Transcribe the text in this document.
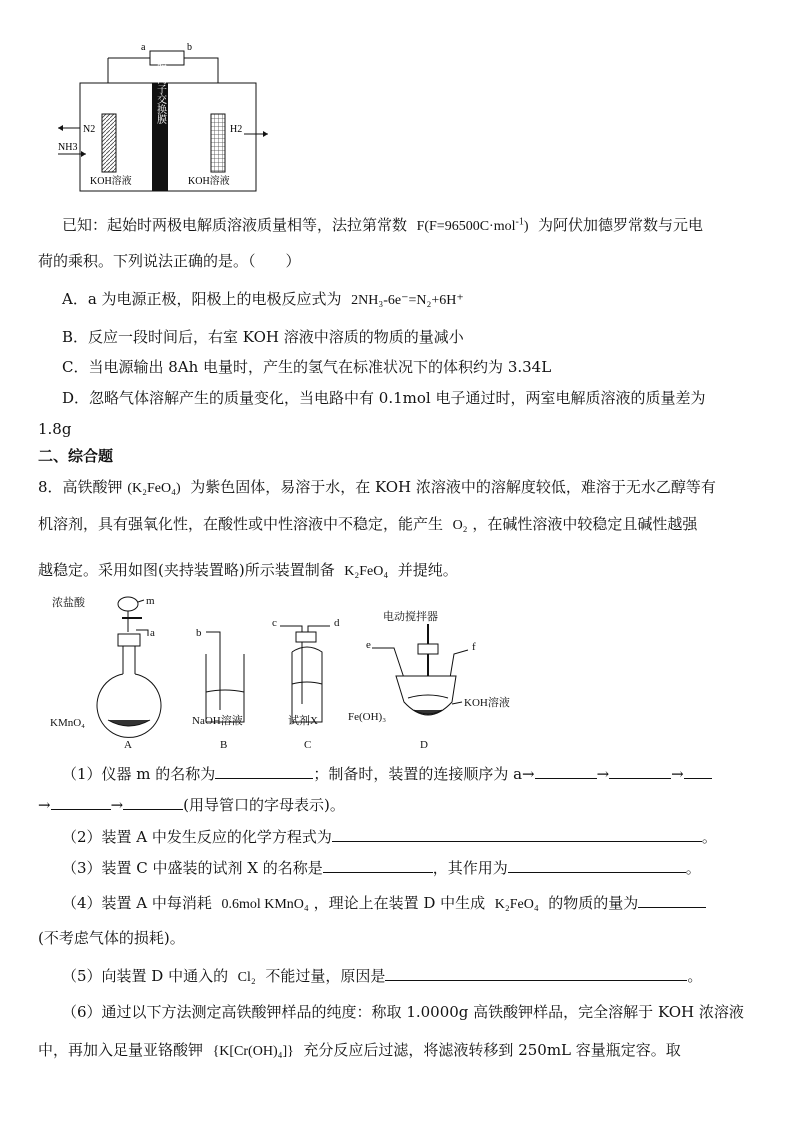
a	b
阴离子交换膜
N2
NH3
H2
KOH溶液	KOH溶液
已知：起始时两极电解质溶液质量相等，法拉第常数 F(F=96500C·mol$^{-1}$) 为阿伏加德罗常数与元电
荷的乘积。下列说法正确的是。（　　）
A．a 为电源正极，阳极上的电极反应式为 2NH₃-6e⁻=N₂+6H⁺
B．反应一段时间后，右室 KOH 溶液中溶质的物质的量减小
C．当电源输出 8Ah 电量时，产生的氢气在标准状况下的体积约为 3.34L
D．忽略气体溶解产生的质量变化，当电路中有 0.1mol 电子通过时，两室电解质溶液的质量差为
1.8g
二、综合题
8．高铁酸钾 (K₂FeO₄) 为紫色固体，易溶于水，在 KOH 浓溶液中的溶解度较低，难溶于无水乙醇等有
机溶剂，具有强氧化性，在酸性或中性溶液中不稳定，能产生 O₂ ，在碱性溶液中较稳定且碱性越强
越稳定。采用如图(夹持装置略)所示装置制备 K₂FeO₄ 并提纯。
浓盐酸	m
a
KMnO₄
A
b
NaOH溶液
B
c	d
试剂X
C
电动搅拌器
e	f
Fe(OH)₃
KOH溶液
D
（1）仪器 m 的名称为	；制备时，装置的连接顺序为 a→	→	→
→	→	(用导管口的字母表示)。
（2）装置 A 中发生反应的化学方程式为	。
（3）装置 C 中盛装的试剂 X 的名称是	，其作用为	。
（4）装置 A 中每消耗 0.6mol KMnO₄ ，理论上在装置 D 中生成 K₂FeO₄ 的物质的量为
(不考虑气体的损耗)。
（5）向装置 D 中通入的 Cl₂ 不能过量，原因是	。
（6）通过以下方法测定高铁酸钾样品的纯度：称取 1.0000g 高铁酸钾样品，完全溶解于 KOH 浓溶液
中，再加入足量亚铬酸钾 {K[Cr(OH)₄]} 充分反应后过滤，将滤液转移到 250mL 容量瓶定容。取
